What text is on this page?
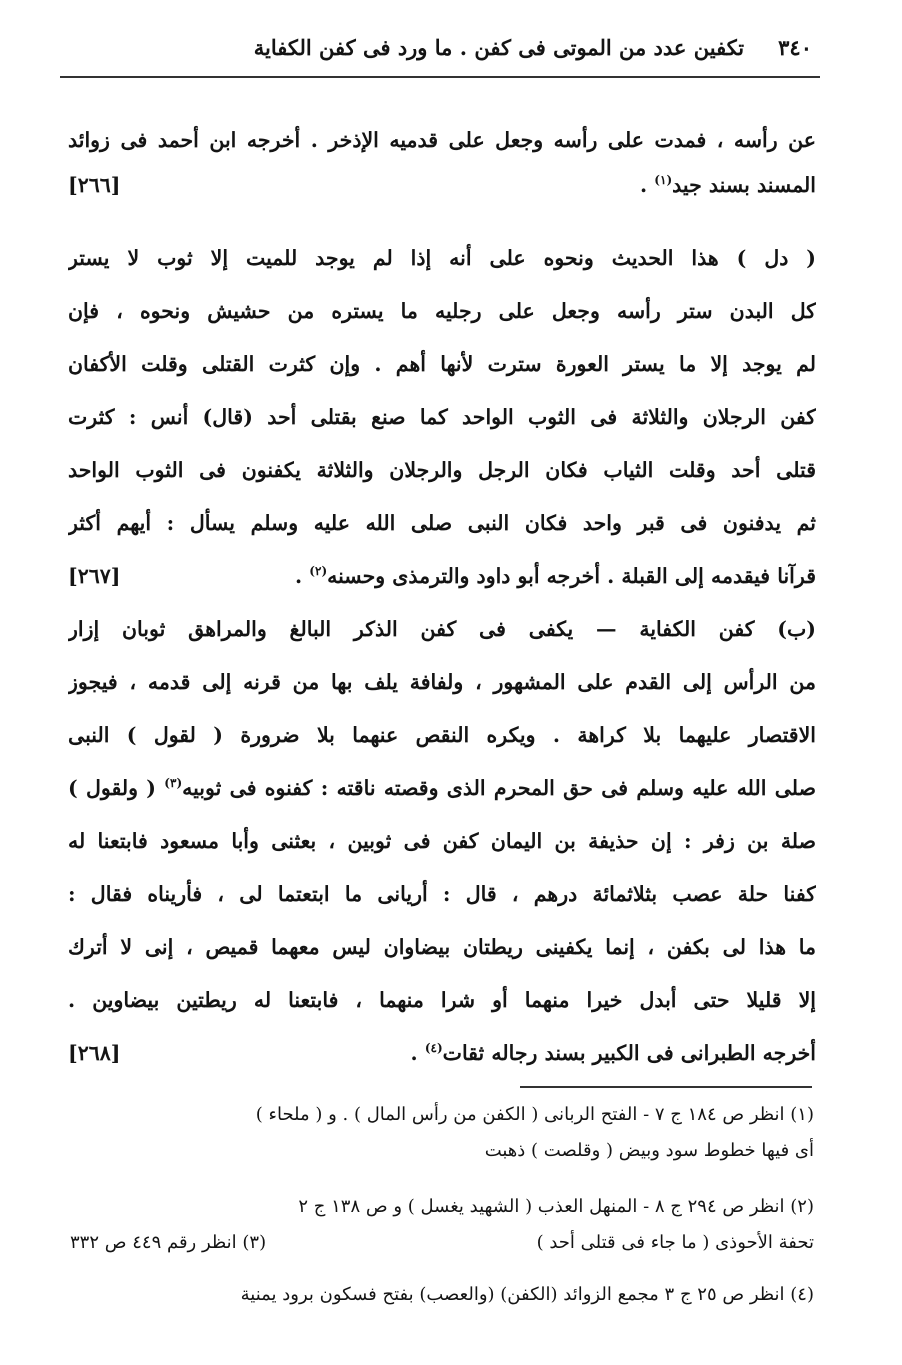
٣٤٠
تكفين عدد من الموتى فى كفن . ما ورد فى كفن الكفاية
عن رأسه ، فمدت على رأسه وجعل على قدميه الإذخر . أخرجه ابن أحمد فى زوائد
المسند بسند جيد$^{(١)}$ .
[٢٦٦]
( دل ) هذا الحديث ونحوه على أنه إذا لم يوجد للميت إلا ثوب لا يستر
كل البدن ستر رأسه وجعل على رجليه ما يستره من حشيش ونحوه ، فإن
لم يوجد إلا ما يستر العورة سترت لأنها أهم . وإن كثرت القتلى وقلت الأكفان
كفن الرجلان والثلاثة فى الثوب الواحد كما صنع بقتلى أحد (قال) أنس : كثرت
قتلى أحد وقلت الثياب فكان الرجل والرجلان والثلاثة يكفنون فى الثوب الواحد
ثم يدفنون فى قبر واحد فكان النبى صلى الله عليه وسلم يسأل : أيهم أكثر
قرآنا فيقدمه إلى القبلة . أخرجه أبو داود والترمذى وحسنه$^{(٢)}$ .
[٢٦٧]
(ب) كفن الكفاية — يكفى فى كفن الذكر البالغ والمراهق ثوبان إزار
من الرأس إلى القدم على المشهور ، ولفافة يلف بها من قرنه إلى قدمه ، فيجوز
الاقتصار عليهما بلا كراهة . ويكره النقص عنهما بلا ضرورة ( لقول ) النبى
صلى الله عليه وسلم فى حق المحرم الذى وقصته ناقته : كفنوه فى ثوبيه$^{(٣)}$ ( ولقول )
صلة بن زفر : إن حذيفة بن اليمان كفن فى ثوبين ، بعثنى وأبا مسعود فابتعنا له
كفنا حلة عصب بثلاثمائة درهم ، قال : أريانى ما ابتعتما لى ، فأريناه فقال :
ما هذا لى بكفن ، إنما يكفينى ريطتان بيضاوان ليس معهما قميص ، إنى لا أترك
إلا قليلا حتى أبدل خيرا منهما أو شرا منهما ، فابتعنا له ريطتين بيضاوين .
أخرجه الطبرانى فى الكبير بسند رجاله ثقات$^{(٤)}$ .
[٢٦٨]
(١) انظر ص ١٨٤ ج ٧ - الفتح الربانى ( الكفن من رأس المال ) . و ( ملحاء )
أى فيها خطوط سود وبيض ( وقلصت ) ذهبت
(٢) انظر ص ٢٩٤ ج ٨ - المنهل العذب ( الشهيد يغسل ) و ص ١٣٨ ج ٢
تحفة الأحوذى ( ما جاء فى قتلى أحد )
(٣) انظر رقم ٤٤٩ ص ٣٣٢
(٤) انظر ص ٢٥ ج ٣ مجمع الزوائد (الكفن) (والعصب) بفتح فسكون برود يمنية
